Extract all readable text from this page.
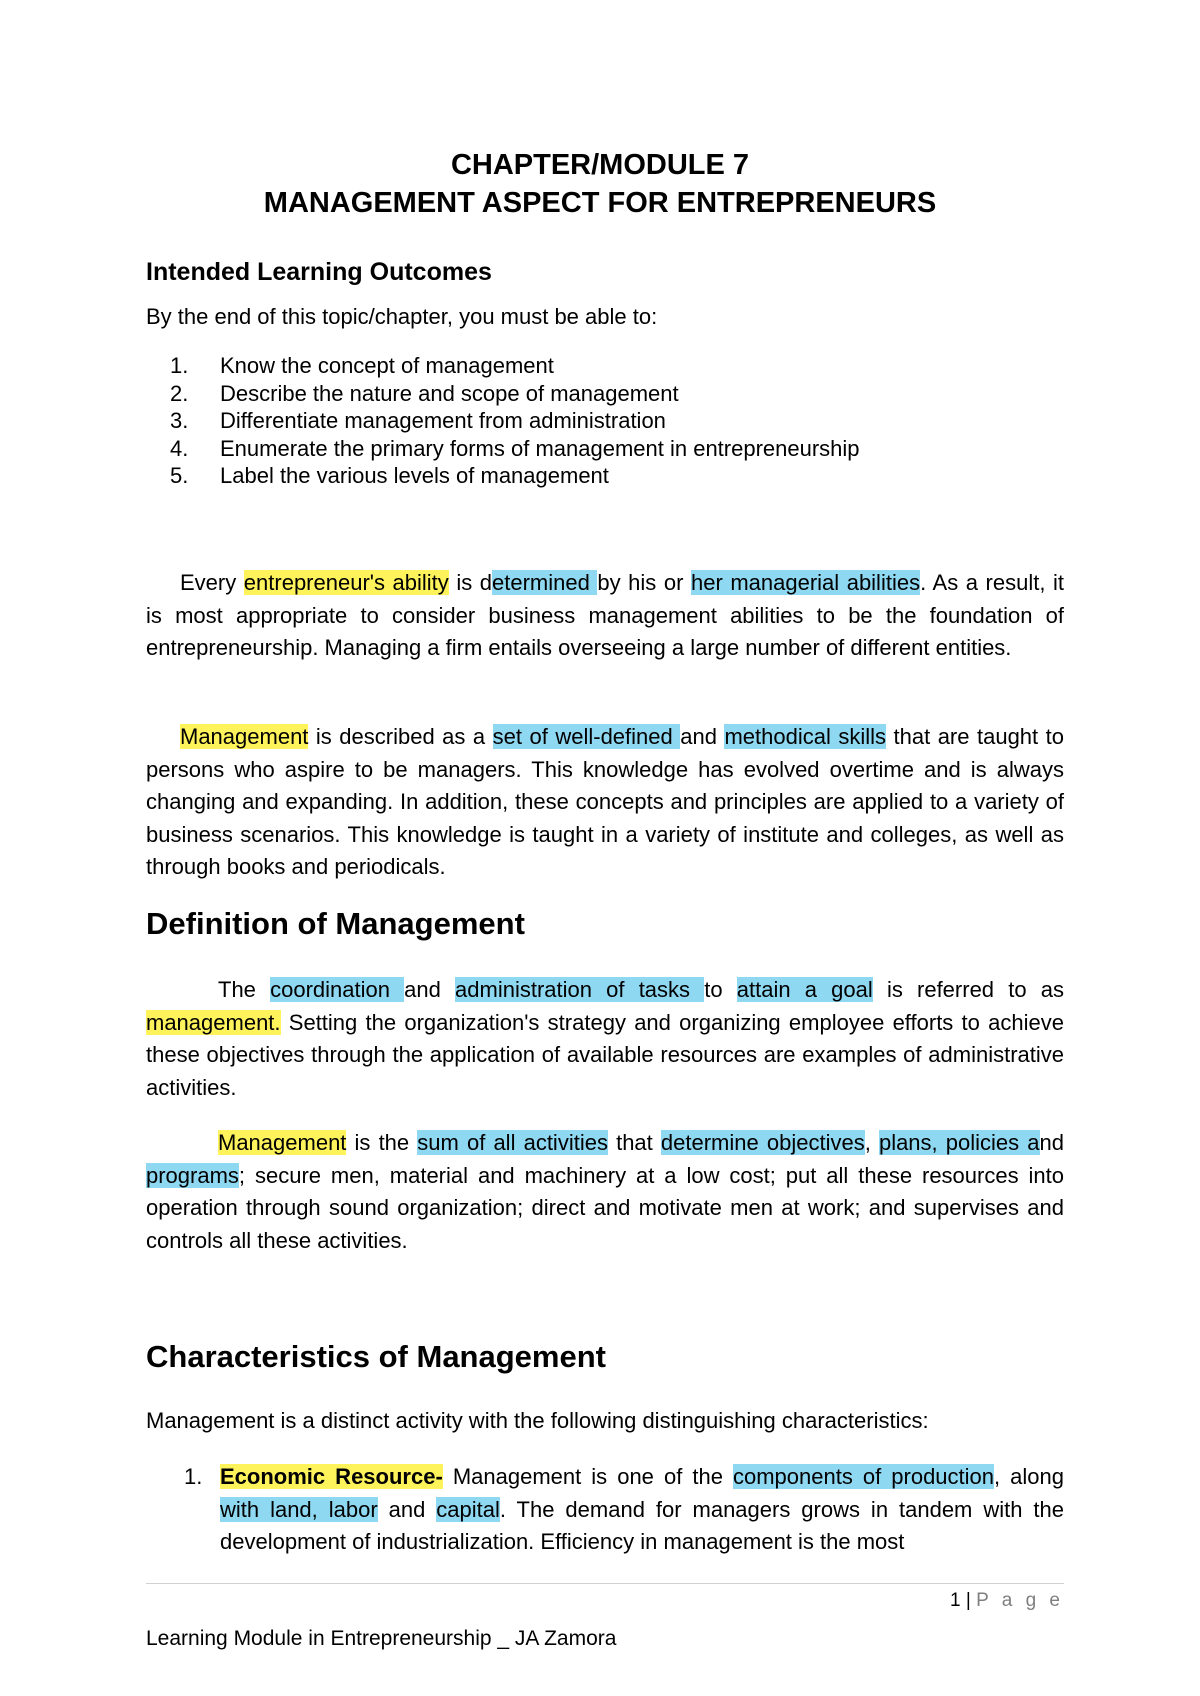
CHAPTER/MODULE 7
MANAGEMENT ASPECT FOR ENTREPRENEURS
Intended Learning Outcomes
By the end of this topic/chapter, you must be able to:
1. Know the concept of management
2. Describe the nature and scope of management
3. Differentiate management from administration
4. Enumerate the primary forms of management in entrepreneurship
5. Label the various levels of management
Every entrepreneur's ability is determined by his or her managerial abilities. As a result, it is most appropriate to consider business management abilities to be the foundation of entrepreneurship. Managing a firm entails overseeing a large number of different entities.
Management is described as a set of well-defined and methodical skills that are taught to persons who aspire to be managers. This knowledge has evolved overtime and is always changing and expanding. In addition, these concepts and principles are applied to a variety of business scenarios. This knowledge is taught in a variety of institute and colleges, as well as through books and periodicals.
Definition of Management
The coordination and administration of tasks to attain a goal is referred to as management. Setting the organization's strategy and organizing employee efforts to achieve these objectives through the application of available resources are examples of administrative activities.
Management is the sum of all activities that determine objectives, plans, policies and programs; secure men, material and machinery at a low cost; put all these resources into operation through sound organization; direct and motivate men at work; and supervises and controls all these activities.
Characteristics of Management
Management is a distinct activity with the following distinguishing characteristics:
1. Economic Resource- Management is one of the components of production, along with land, labor and capital. The demand for managers grows in tandem with the development of industrialization. Efficiency in management is the most
1 | P a g e
Learning Module in Entrepreneurship _ JA Zamora
